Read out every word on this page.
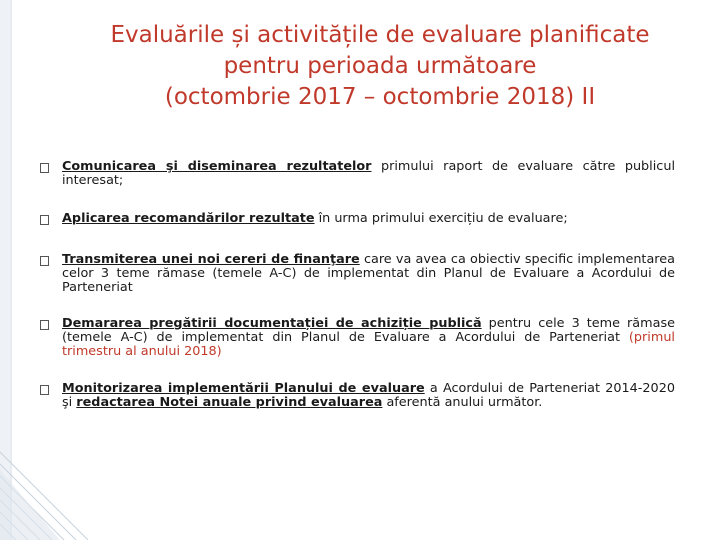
Evaluările și activitățile de evaluare planificate
pentru perioada următoare
(octombrie 2017 – octombrie 2018) II
Comunicarea şi diseminarea rezultatelor primului raport de evaluare către publicul interesat;
Aplicarea recomandărilor rezultate în urma primului exercițiu de evaluare;
Transmiterea unei noi cereri de finanţare care va avea ca obiectiv specific implementarea celor 3 teme rămase (temele A-C) de implementat din Planul de Evaluare a Acordului de Parteneriat
Demararea pregătirii documentației de achiziție publică pentru cele 3 teme rămase (temele A-C) de implementat din Planul de Evaluare a Acordului de Parteneriat (primul trimestru al anului 2018)
Monitorizarea implementării Planului de evaluare a Acordului de Parteneriat 2014-2020 şi redactarea Notei anuale privind evaluarea aferentă anului următor.
